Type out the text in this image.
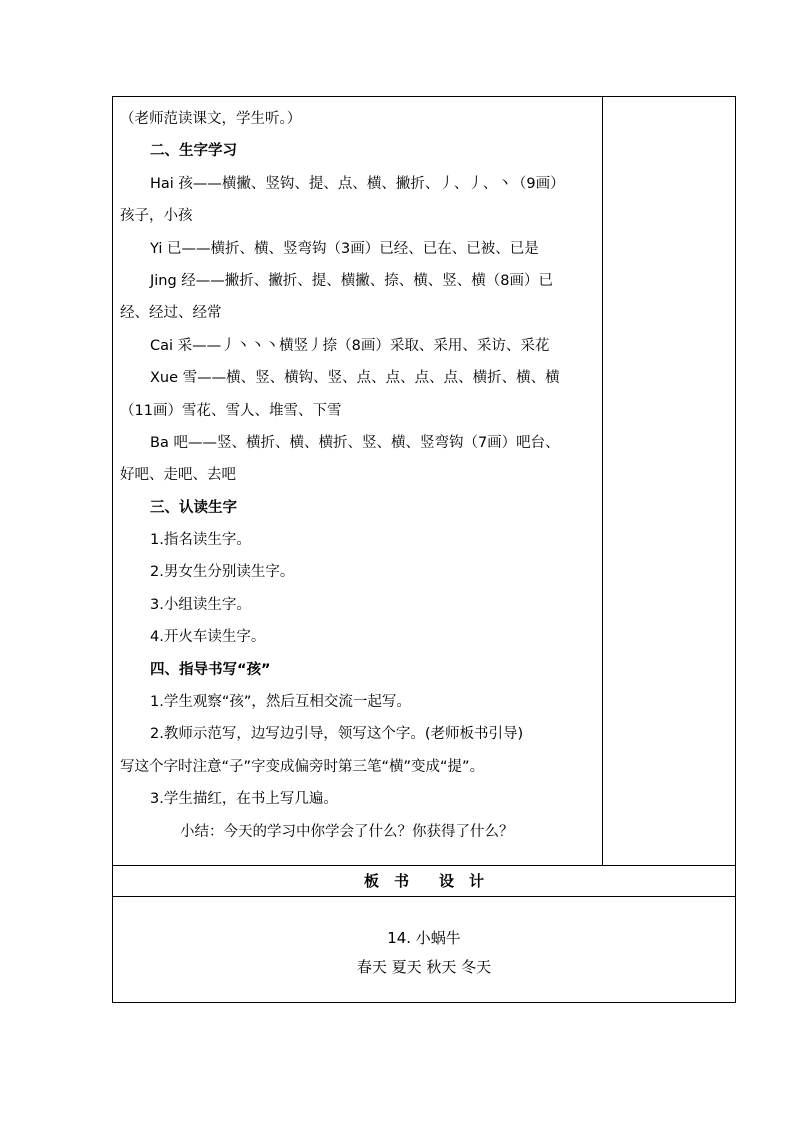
（老师范读课文，学生听。）
二、生字学习
Hai 孩——横撇、竖钩、提、点、横、撇折、丿、丿、丶（9画）
孩子，小孩
Yi 已——横折、横、竖弯钩（3画）已经、已在、已被、已是
Jing 经——撇折、撇折、提、横撇、捺、横、竖、横（8画）已
经、经过、经常
Cai 采——丿丶丶丶横竖丿捺（8画）采取、采用、采访、采花
Xue 雪——横、竖、横钩、竖、点、点、点、点、横折、横、横
（11画）雪花、雪人、堆雪、下雪
Ba 吧——竖、横折、横、横折、竖、横、竖弯钩（7画）吧台、
好吧、走吧、去吧
三、认读生字
1.指名读生字。
2.男女生分别读生字。
3.小组读生字。
4.开火车读生字。
四、指导书写“孩”
1.学生观察“孩”，然后互相交流一起写。
2.教师示范写，边写边引导，领写这个字。(老师板书引导)
写这个字时注意“子”字变成偏旁时第三笔“横”变成“提”。
3.学生描红，在书上写几遍。
小结：今天的学习中你学会了什么？你获得了什么？

板　书　　设　计

14. 小蜗牛
春天 夏天 秋天 冬天
